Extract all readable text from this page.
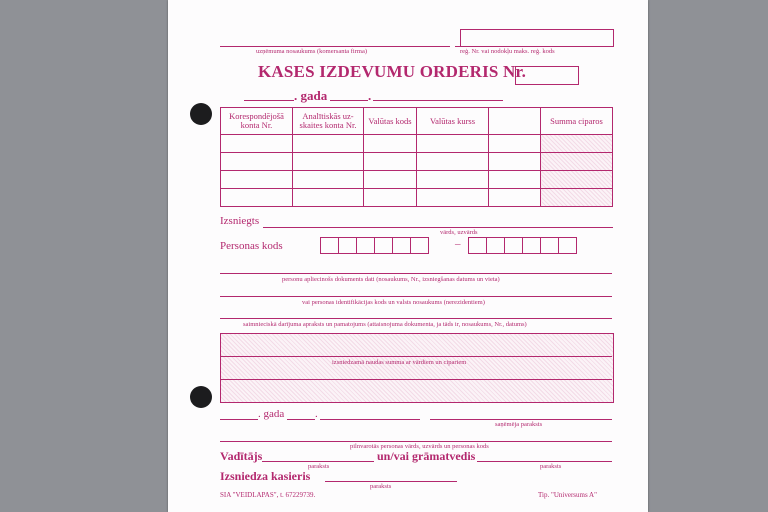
uzņēmuma nosaukums (komersanta firma)	reģ. Nr. vai nodokļu maks. reģ. kods
KASES IZDEVUMU ORDERIS Nr.
. gada	.
Korespondējošā konta Nr.	Analītiskās uz-skaites konta Nr.	Valūtas kods	Valūtas kurss		Summa ciparos

Izsniegts
vārds, uzvārds
Personas kods	–
personu apliecinošs dokuments dati (nosaukums, Nr., izsniegšanas datums un vieta)
vai personas identifikācijas kods un valsts nosaukums (nerezidentiem)
saimnieciskā darījuma apraksts un pamatojums (attaisnojuma dokumenta, ja tāds ir, nosaukums, Nr., datums)
izsniedzamā naudas summa ar vārdiem un cipariem
. gada	.
saņēmēja paraksts
pilnvarotās personas vārds, uzvārds un personas kods
Vadītājs
paraksts
un/vai grāmatvedis
paraksts
Izsniedza kasieris
paraksts
SIA "VEIDLAPAS", t. 67229739.	Tip. "Universums A"
